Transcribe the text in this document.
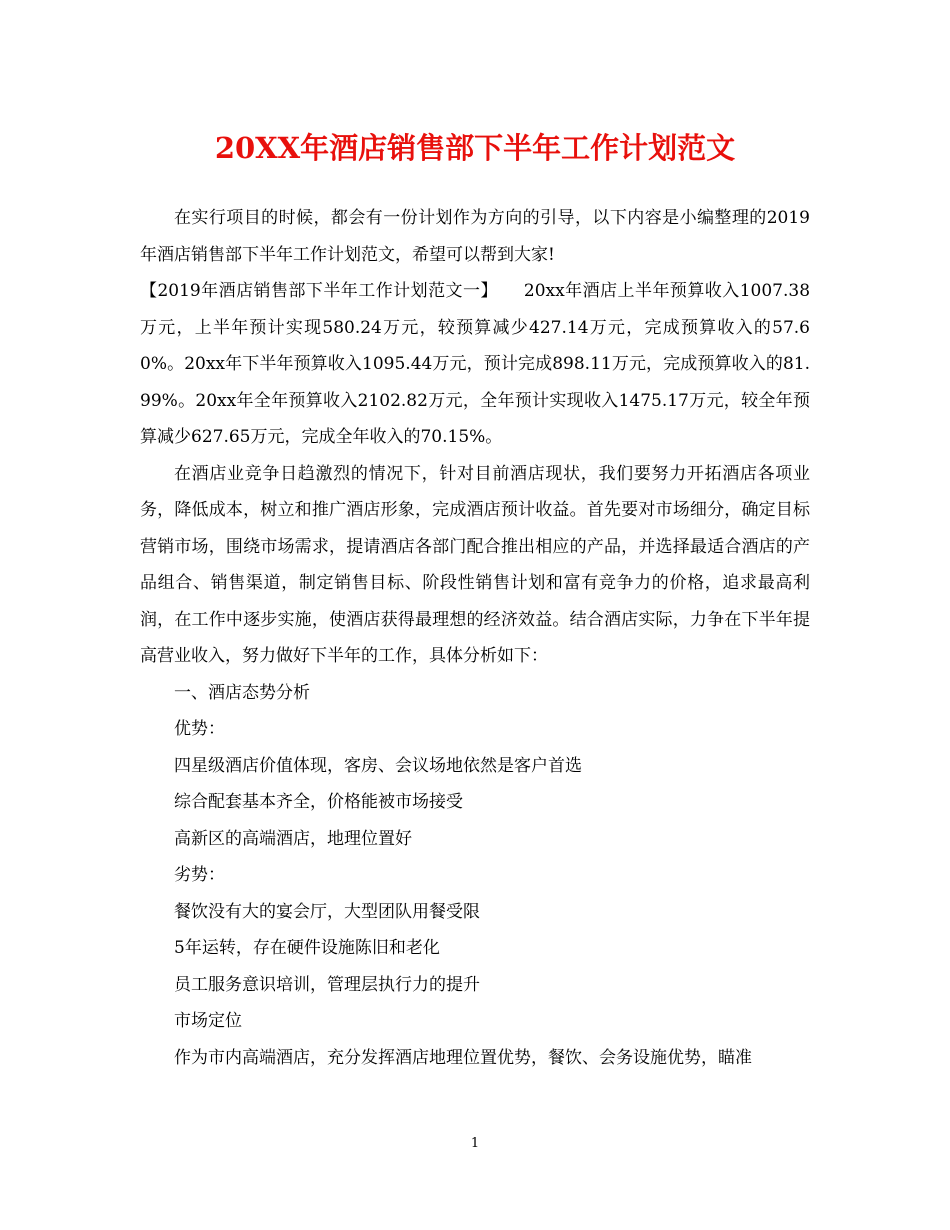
20XX年酒店销售部下半年工作计划范文

在实行项目的时候，都会有一份计划作为方向的引导，以下内容是小编整理的2019年酒店销售部下半年工作计划范文，希望可以帮到大家!

【2019年酒店销售部下半年工作计划范文一】 20xx年酒店上半年预算收入1007.38万元，上半年预计实现580.24万元，较预算减少427.14万元，完成预算收入的57.60%。20xx年下半年预算收入1095.44万元，预计完成898.11万元，完成预算收入的81.99%。20xx年全年预算收入2102.82万元，全年预计实现收入1475.17万元，较全年预算减少627.65万元，完成全年收入的70.15%。

在酒店业竞争日趋激烈的情况下，针对目前酒店现状，我们要努力开拓酒店各项业务，降低成本，树立和推广酒店形象，完成酒店预计收益。首先要对市场细分，确定目标营销市场，围绕市场需求，提请酒店各部门配合推出相应的产品，并选择最适合酒店的产品组合、销售渠道，制定销售目标、阶段性销售计划和富有竞争力的价格，追求最高利润，在工作中逐步实施，使酒店获得最理想的经济效益。结合酒店实际，力争在下半年提高营业收入，努力做好下半年的工作，具体分析如下：

一、酒店态势分析

优势：

四星级酒店价值体现，客房、会议场地依然是客户首选

综合配套基本齐全，价格能被市场接受

高新区的高端酒店，地理位置好

劣势：

餐饮没有大的宴会厅，大型团队用餐受限

5年运转，存在硬件设施陈旧和老化

员工服务意识培训，管理层执行力的提升

市场定位

作为市内高端酒店，充分发挥酒店地理位置优势，餐饮、会务设施优势，瞄准

1
